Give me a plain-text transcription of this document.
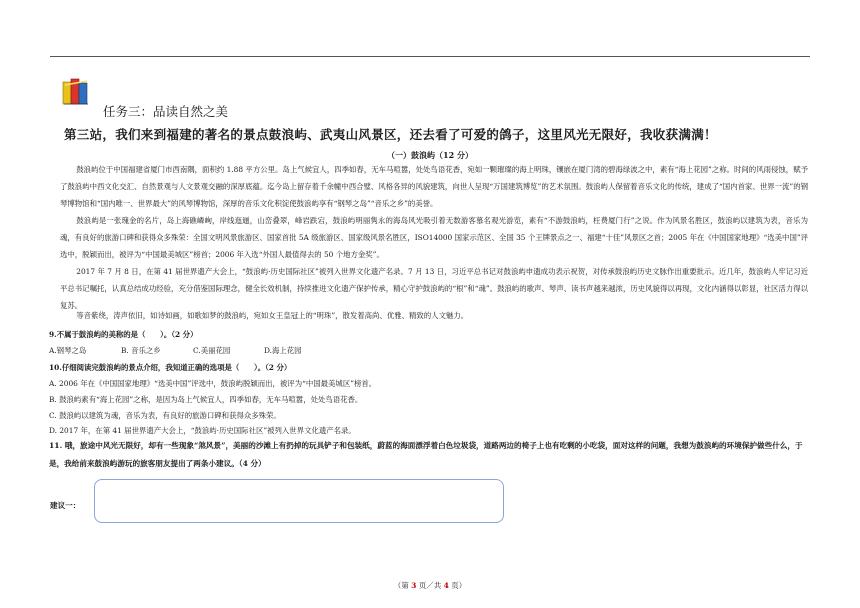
任务三：品读自然之美
第三站，我们来到福建的著名的景点鼓浪屿、武夷山风景区，还去看了可爱的鸽子，这里风光无限好，我收获满满！
（一）鼓浪屿（12 分）
鼓浪屿位于中国福建省厦门市西南隅，面积约 1.88 平方公里。岛上气候宜人，四季如春，无车马喧嚣，处处鸟语花香，宛如一颗璀璨的海上明珠，镶嵌在厦门湾的碧海绿波之中，素有“海上花园”之称。时间的风雨侵蚀，赋予了鼓浪屿中西文化交汇、自然景观与人文景观交融的深厚底蕴。迄今岛上留存着千余幢中西合璧、风格各异的风貌建筑，向世人呈现“万国建筑博览”的艺术氛围。鼓浪屿人保留着音乐文化的传统，建成了“国内首家、世界一流”的钢琴博物馆和“国内唯一、世界最大”的风琴博物馆，深厚的音乐文化积淀使鼓浪屿享有“钢琴之岛”“音乐之乡”的美誉。
鼓浪屿是一张瑰金的名片，岛上海礁嶙峋，岸线迤逦，山峦叠翠，峰岩跌宕，鼓浪屿明丽隽永的海岛风光吸引着无数游客慕名观光游览，素有“不游鼓浪屿，枉费厦门行”之说。作为风景名胜区，鼓浪屿以建筑为表，音乐为魂，有良好的旅游口碑和获得众多殊荣：全国文明风景旅游区、国家首批 5A 级旅游区、国家级风景名胜区，ISO14000 国家示范区、全国 35 个王牌景点之一、福建“十佳”风景区之首；2005 年在《中国国家地理》“选美中国”评选中，脱颖而出，被评为“中国最美城区”榜首；2006 年入选“外国人最值得去的 50 个地方金奖”。
2017 年 7 月 8 日，在第 41 届世界遗产大会上，“鼓浪屿·历史国际社区”被列入世界文化遗产名录。7 月 13 日，习近平总书记对鼓浪屿申遗成功表示祝贺，对传承鼓浪屿历史文脉作出重要批示。近几年，鼓浪屿人牢记习近平总书记嘱托，认真总结成功经验，充分借鉴国际理念，健全长效机制，持续推进文化遗产保护传承，精心守护鼓浪屿的“根”和“魂”。鼓浪屿的歌声、琴声、读书声越来越浓，历史风貌得以再现，文化内涵得以彰显，社区活力得以复苏。
等音紫绕，涛声依旧，如诗如画，如歌如梦的鼓浪屿，宛如女王皇冠上的“明珠”，散发着高尚、优雅、精致的人文魅力。
9.不属于鼓浪屿的美称的是（　　）。（2 分）
A.钢琴之岛	B. 音乐之乡	C.美丽花园	D.海上花园
10.仔细阅读完鼓浪屿的景点介绍，我知道正确的选项是（　　）。（2 分）
A. 2006 年在《中国国家地理》“选美中国”评选中，鼓浪屿脱颖而出，被评为“中国最美城区”榜首。
B. 鼓浪屿素有“海上花园”之称，是因为岛上气候宜人，四季如春，无车马喧嚣，处处鸟语花香。
C. 鼓浪屿以建筑为魂，音乐为表，有良好的旅游口碑和获得众多殊荣。
D. 2017 年，在第 41 届世界遗产大会上，“鼓浪屿·历史国际社区”被列入世界文化遗产名录。
11. 哦，旅途中风光无限好，却有一些现象“煞风景”，美丽的沙滩上有扔掉的玩具铲子和包装纸，蔚蓝的海面漂浮着白色垃圾袋，道路两边的椅子上也有吃剩的小吃袋，面对这样的问题，我想为鼓浪屿的环境保护做些什么，于是，我给前来鼓浪屿游玩的旅客朋友提出了两条小建议。（4 分）
建议一：
（第 3 页／共 4 页）
